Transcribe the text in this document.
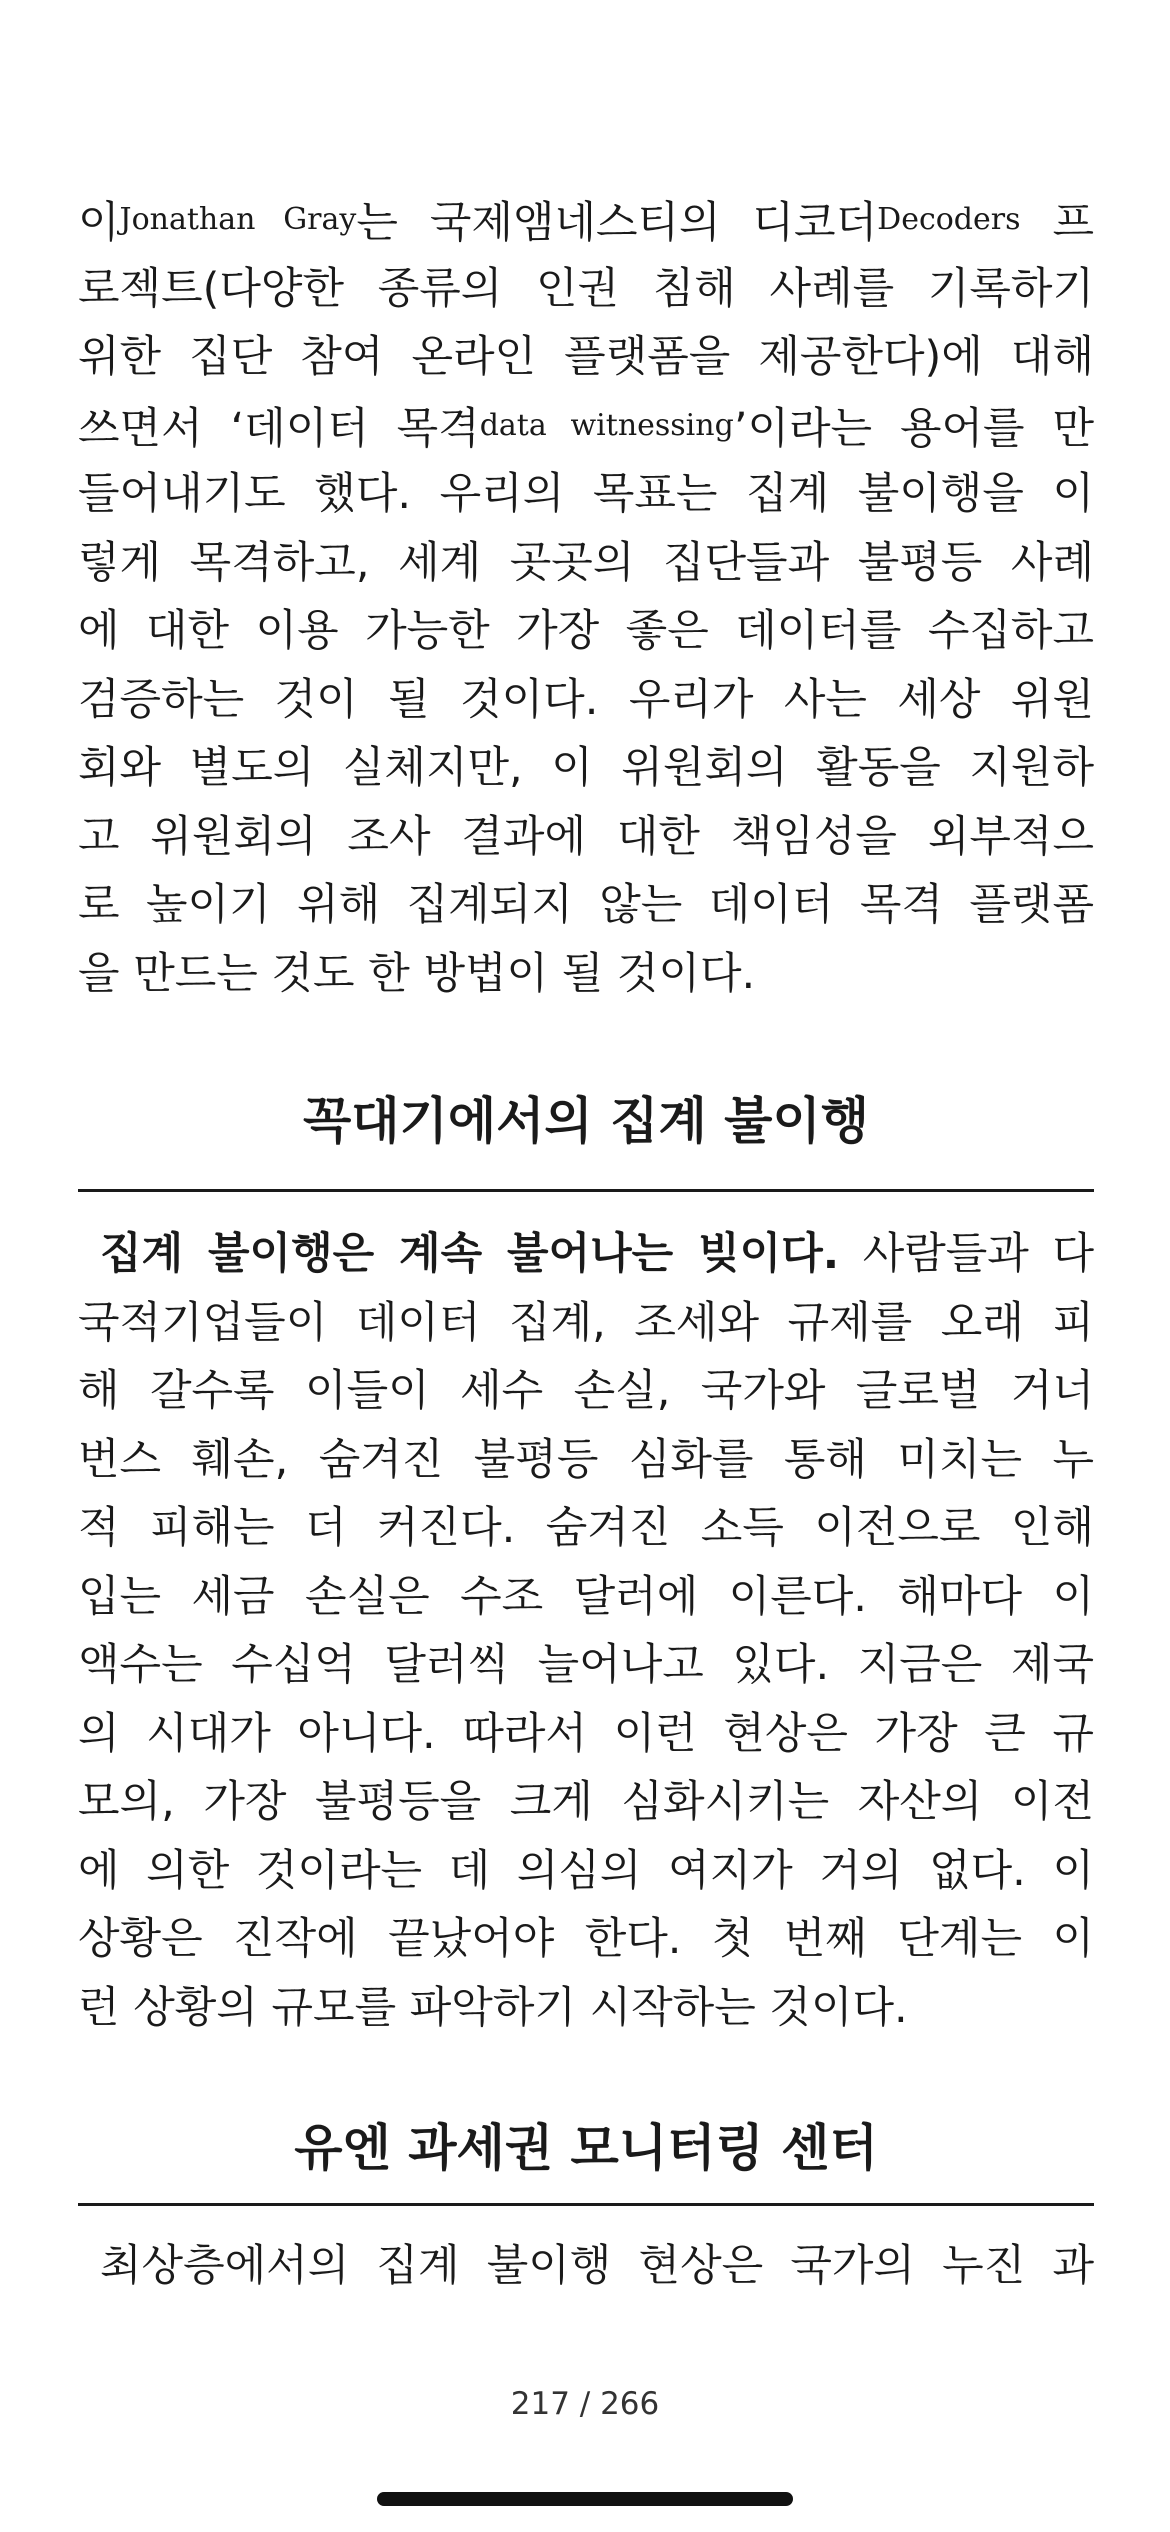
이Jonathan Gray는 국제앰네스티의 디코더Decoders 프
로젝트(다양한 종류의 인권 침해 사례를 기록하기
위한 집단 참여 온라인 플랫폼을 제공한다)에 대해
쓰면서 ‘데이터 목격data witnessing’이라는 용어를 만
들어내기도 했다. 우리의 목표는 집계 불이행을 이
렇게 목격하고, 세계 곳곳의 집단들과 불평등 사례
에 대한 이용 가능한 가장 좋은 데이터를 수집하고
검증하는 것이 될 것이다. 우리가 사는 세상 위원
회와 별도의 실체지만, 이 위원회의 활동을 지원하
고 위원회의 조사 결과에 대한 책임성을 외부적으
로 높이기 위해 집계되지 않는 데이터 목격 플랫폼
을 만드는 것도 한 방법이 될 것이다.
꼭대기에서의 집계 불이행
집계 불이행은 계속 불어나는 빚이다. 사람들과 다
국적기업들이 데이터 집계, 조세와 규제를 오래 피
해 갈수록 이들이 세수 손실, 국가와 글로벌 거너
번스 훼손, 숨겨진 불평등 심화를 통해 미치는 누
적 피해는 더 커진다. 숨겨진 소득 이전으로 인해
입는 세금 손실은 수조 달러에 이른다. 해마다 이
액수는 수십억 달러씩 늘어나고 있다. 지금은 제국
의 시대가 아니다. 따라서 이런 현상은 가장 큰 규
모의, 가장 불평등을 크게 심화시키는 자산의 이전
에 의한 것이라는 데 의심의 여지가 거의 없다. 이
상황은 진작에 끝났어야 한다. 첫 번째 단계는 이
런 상황의 규모를 파악하기 시작하는 것이다.
유엔 과세권 모니터링 센터
최상층에서의 집계 불이행 현상은 국가의 누진 과
217 / 266
